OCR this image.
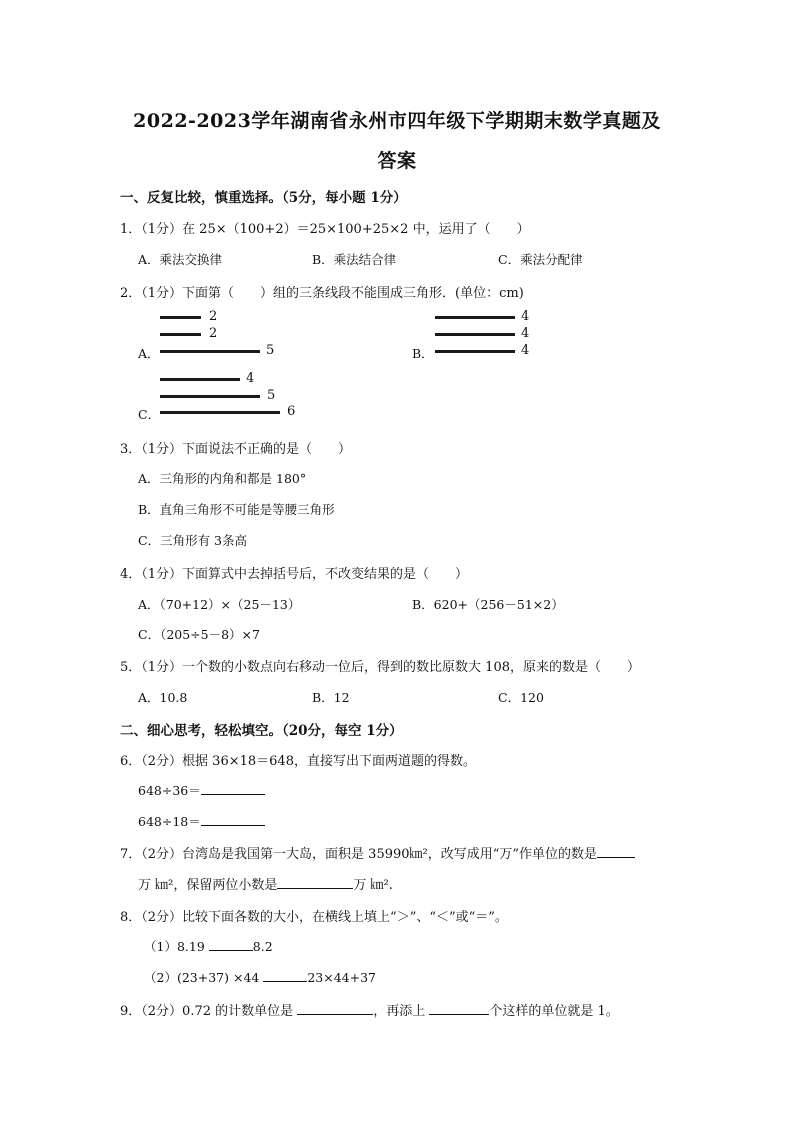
2022-2023学年湖南省永州市四年级下学期期末数学真题及
答案
一、反复比较，慎重选择。（5分，每小题 1分）
1．（1分）在 25×（100+2）＝25×100+25×2 中，运用了（　　）
A．乘法交换律	B．乘法结合律	C．乘法分配律
2．（1分）下面第（　　）组的三条线段不能围成三角形．(单位：cm)
A．
2
2
5	B．
4
4
4
C．
4
5
6
3．（1分）下面说法不正确的是（　　）
A．三角形的内角和都是 180°
B．直角三角形不可能是等腰三角形
C．三角形有 3条高
4．（1分）下面算式中去掉括号后，不改变结果的是（　　）
A．（70+12）×（25－13）	B．620+（256－51×2）
C．（205÷5－8）×7
5．（1分）一个数的小数点向右移动一位后，得到的数比原数大 108，原来的数是（　　）
A．10.8	B．12	C．120
二、细心思考，轻松填空。（20分，每空 1分）
6．（2分）根据 36×18＝648，直接写出下面两道题的得数。
648÷36＝
648÷18＝
7．（2分）台湾岛是我国第一大岛，面积是 35990㎞²，改写成用“万”作单位的数是
万 ㎞²，保留两位小数是	万 ㎞².
8．（2分）比较下面各数的大小，在横线上填上“＞”、“＜”或“＝”。
（1）8.19	8.2
（2）(23+37) ×44	23×44+37
9．（2分）0.72 的计数单位是	，再添上	个这样的单位就是 1。
